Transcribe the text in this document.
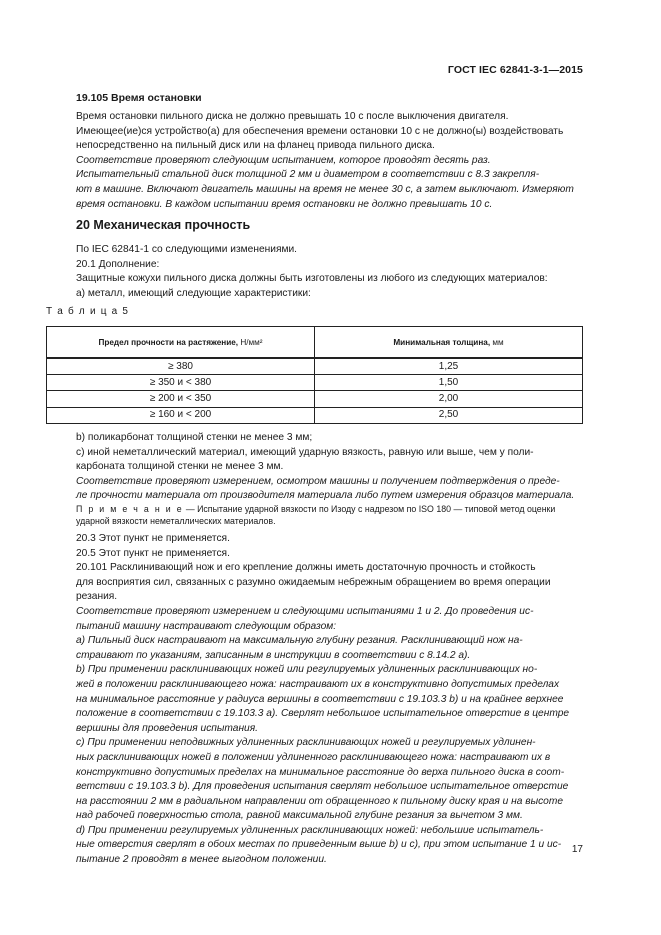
ГОСТ IEC 62841-3-1—2015
19.105 Время остановки

Время остановки пильного диска не должно превышать 10 с после выключения двигателя.

Имеющее(ие)ся устройство(а) для обеспечения времени остановки 10 с не должно(ы) воздействовать

непосредственно на пильный диск или на фланец привода пильного диска.

Соответствие проверяют следующим испытанием, которое проводят десять раз.

Испытательный стальной диск толщиной 2 мм и диаметром в соответствии с 8.3 закрепля-

ют в машине. Включают двигатель машины на время не менее 30 с, а затем выключают. Измеряют

время остановки. В каждом испытании время остановки не должно превышать 10 с.

20 Механическая прочность

По IEC 62841-1 со следующими изменениями.

20.1 Дополнение:

Защитные кожухи пильного диска должны быть изготовлены из любого из следующих материалов:

а) металл, имеющий следующие характеристики:

Т а б л и ц а 5
Предел прочности на растяжение, Н/мм²	Минимальная толщина, мм
≥ 380	1,25
≥ 350 и < 380	1,50
≥ 200 и < 350	2,00
≥ 160 и < 200	2,50

b) поликарбонат толщиной стенки не менее 3 мм;

c) иной неметаллический материал, имеющий ударную вязкость, равную или выше, чем у поли-

карбоната толщиной стенки не менее 3 мм.

Соответствие проверяют измерением, осмотром машины и получением подтверждения о преде-

ле прочности материала от производителя материала либо путем измерения образцов материала.

П р и м е ч а н и е — Испытание ударной вязкости по Изоду с надрезом по ISO 180 — типовой метод оценки
ударной вязкости неметаллических материалов.

20.3 Этот пункт не применяется.

20.5 Этот пункт не применяется.

20.101 Расклинивающий нож и его крепление должны иметь достаточную прочность и стойкость

для восприятия сил, связанных с разумно ожидаемым небрежным обращением во время операции

резания.

Соответствие проверяют измерением и следующими испытаниями 1 и 2. До проведения ис-

пытаний машину настраивают следующим образом:

а) Пильный диск настраивают на максимальную глубину резания. Расклинивающий нож на-

страивают по указаниям, записанным в инструкции в соответствии с 8.14.2 а).

b) При применении расклинивающих ножей или регулируемых удлиненных расклинивающих но-

жей в положении расклинивающего ножа: настраивают их в конструктивно допустимых пределах

на минимальное расстояние у радиуса вершины в соответствии с 19.103.3 b) и на крайнее верхнее

положение в соответствии с 19.103.3 а). Сверлят небольшое испытательное отверстие в центре

вершины для проведения испытания.

c) При применении неподвижных удлиненных расклинивающих ножей и регулируемых удлинен-

ных расклинивающих ножей в положении удлиненного расклинивающего ножа: настраивают их в

конструктивно допустимых пределах на минимальное расстояние до верха пильного диска в соот-

ветствии с 19.103.3 b). Для проведения испытания сверлят небольшое испытательное отверстие

на расстоянии 2 мм в радиальном направлении от обращенного к пильному диску края и на высоте

над рабочей поверхностью стола, равной максимальной глубине резания за вычетом 3 мм.

d) При применении регулируемых удлиненных расклинивающих ножей: небольшие испытатель-

ные отверстия сверлят в обоих местах по приведенным выше b) и c), при этом испытание 1 и ис-

пытание 2 проводят в менее выгодном положении.

17
